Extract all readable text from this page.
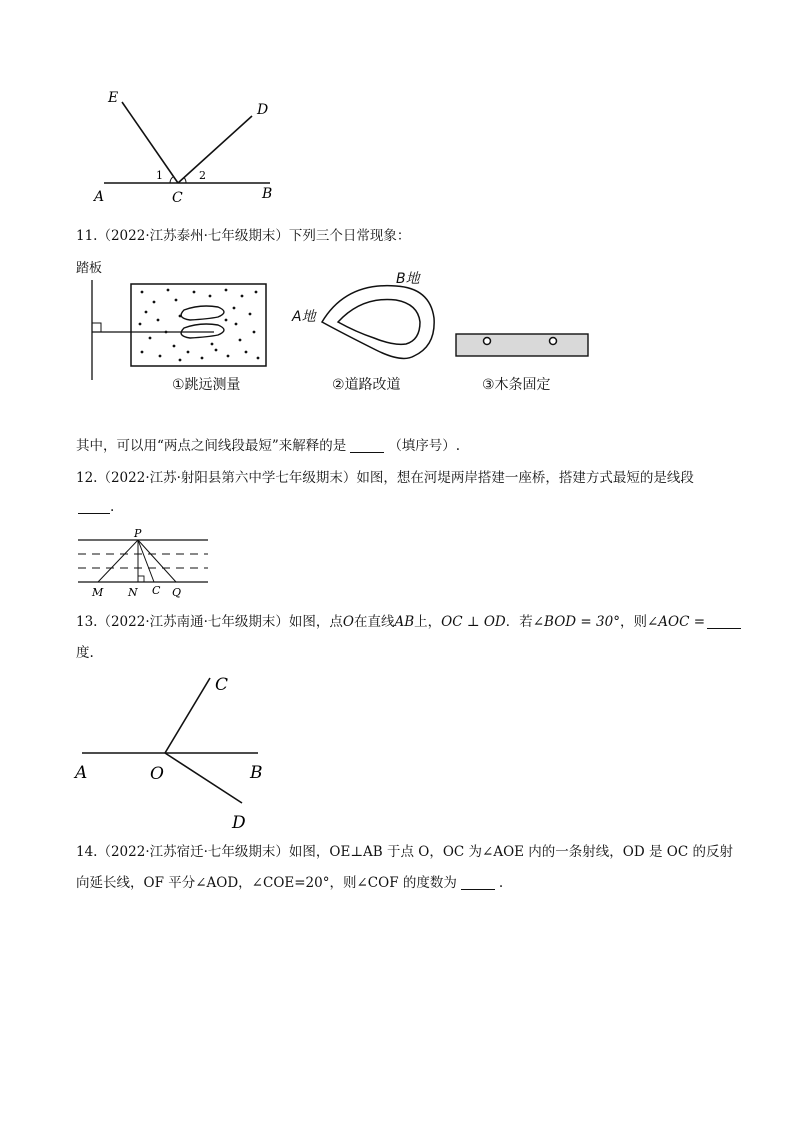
E
D
A	C	B
1	2
11.（2022·江苏泰州·七年级期末）下列三个日常现象：
踏板
A地
B地
①跳远测量	②道路改道	③木条固定
其中，可以用“两点之间线段最短”来解释的是	（填序号）.
12.（2022·江苏·射阳县第六中学七年级期末）如图，想在河堤两岸搭建一座桥，搭建方式最短的是线段
.
P
M N C Q
13.（2022·江苏南通·七年级期末）如图，点O在直线AB上，OC ⊥ OD．若∠BOD = 30°，则∠AOC =
度.
C
A	O	B
D
14.（2022·江苏宿迁·七年级期末）如图，OE⊥AB 于点 O，OC 为∠AOE 内的一条射线，OD 是 OC 的反射
向延长线，OF 平分∠AOD，∠COE=20°，则∠COF 的度数为	.
